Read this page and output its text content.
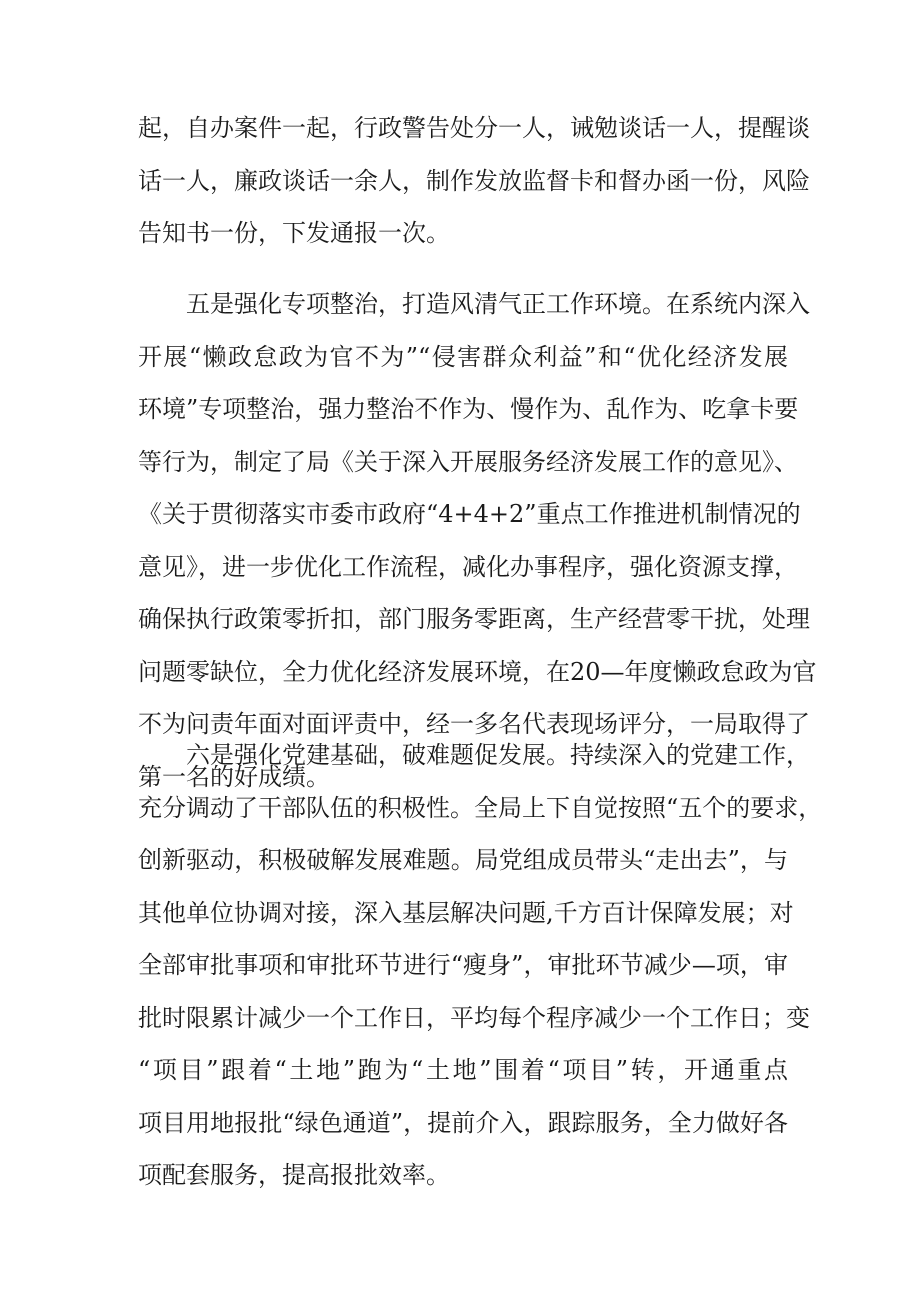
起，自办案件一起，行政警告处分一人，诫勉谈话一人，提醒谈
话一人，廉政谈话一余人，制作发放监督卡和督办函一份，风险
告知书一份，下发通报一次。
　　五是强化专项整治，打造风清气正工作环境。在系统内深入
开展“懒政怠政为官不为”“侵害群众利益”和“优化经济发展
环境”专项整治，强力整治不作为、慢作为、乱作为、吃拿卡要
等行为，制定了局《关于深入开展服务经济发展工作的意见》、
《关于贯彻落实市委市政府“4+4+2”重点工作推进机制情况的
意见》，进一步优化工作流程，减化办事程序，强化资源支撑，
确保执行政策零折扣，部门服务零距离，生产经营零干扰，处理
问题零缺位，全力优化经济发展环境，在20—年度懒政怠政为官
不为问责年面对面评责中，经一多名代表现场评分，一局取得了
第一名的好成绩。
　　六是强化党建基础，破难题促发展。持续深入的党建工作，
充分调动了干部队伍的积极性。全局上下自觉按照“五个的要求，
创新驱动，积极破解发展难题。局党组成员带头“走出去”，与
其他单位协调对接，深入基层解决问题,千方百计保障发展；对
全部审批事项和审批环节进行“瘦身”，审批环节减少—项，审
批时限累计减少一个工作日，平均每个程序减少一个工作日；变
“项目”跟着“土地”跑为“土地”围着“项目”转，开通重点
项目用地报批“绿色通道”，提前介入，跟踪服务，全力做好各
项配套服务，提高报批效率。
